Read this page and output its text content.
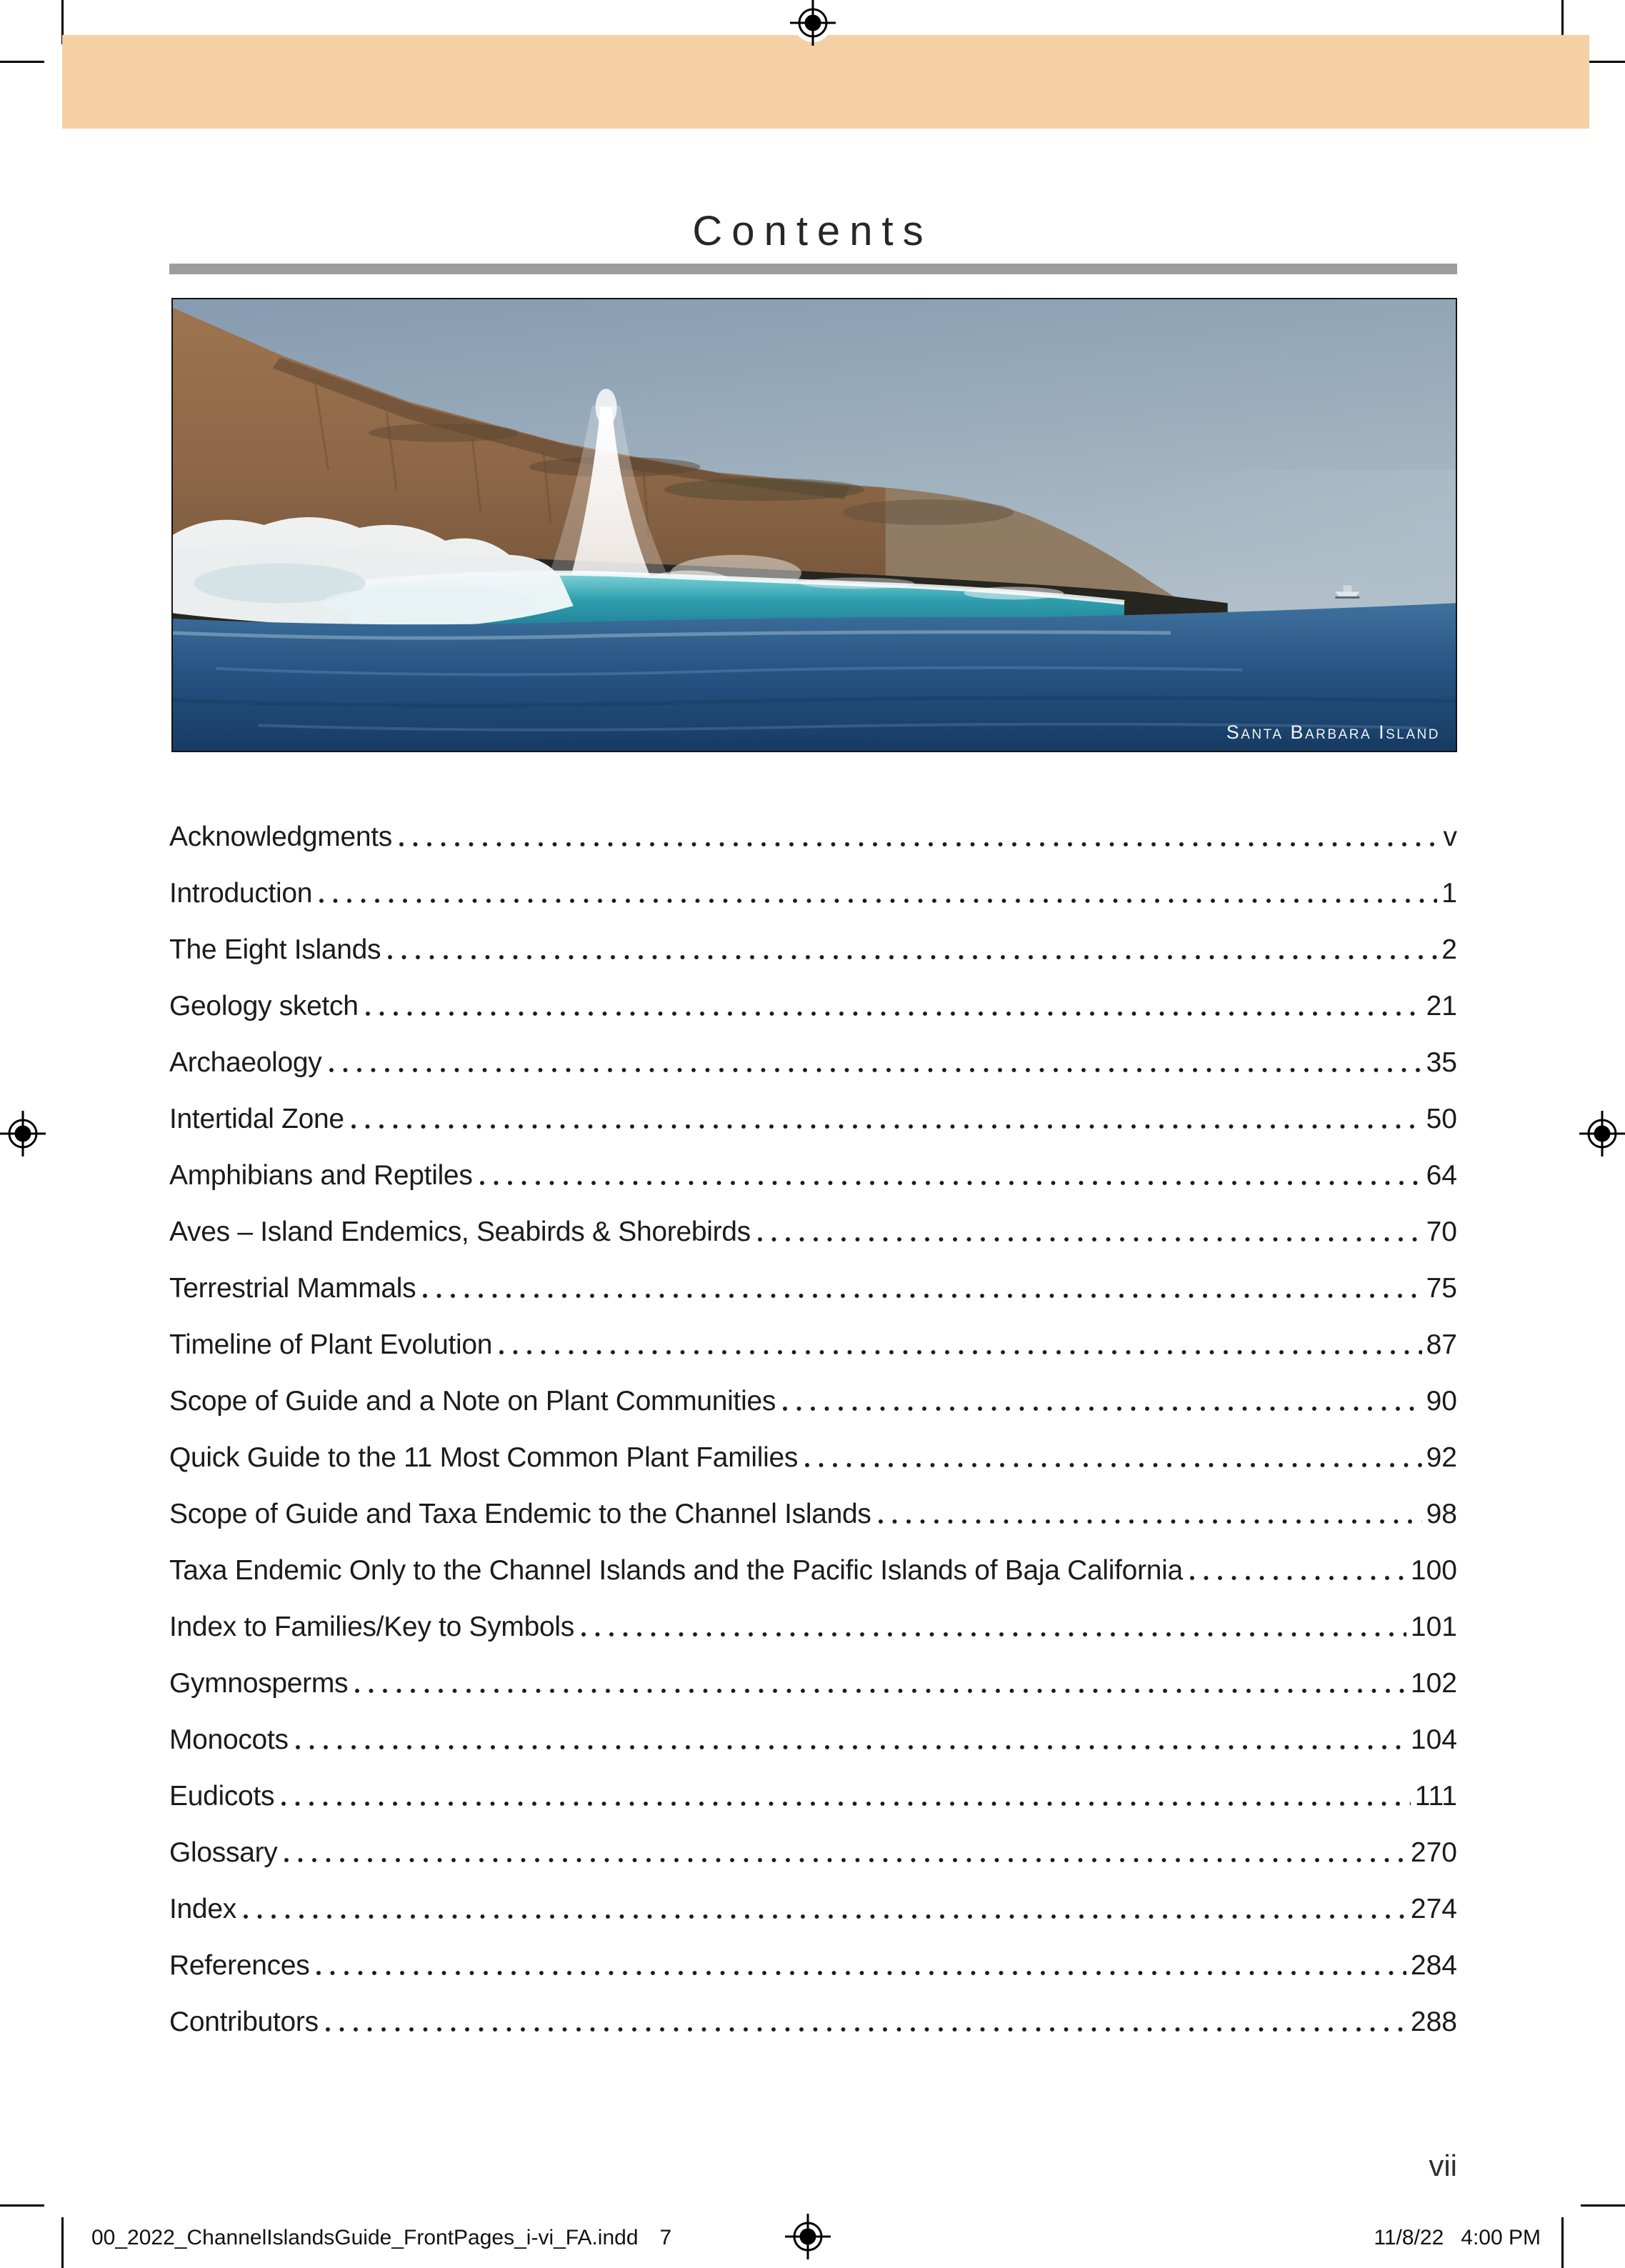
Contents
Santa Barbara Island
Acknowledgments	v
Introduction	1
The Eight Islands	2
Geology sketch	21
Archaeology	35
Intertidal Zone	50
Amphibians and Reptiles	64
Aves – Island Endemics, Seabirds & Shorebirds	70
Terrestrial Mammals	75
Timeline of Plant Evolution	87
Scope of Guide and a Note on Plant Communities	90
Quick Guide to the 11 Most Common Plant Families	92
Scope of Guide and Taxa Endemic to the Channel Islands	98
Taxa Endemic Only to the Channel Islands and the Pacific Islands of Baja California	100
Index to Families/Key to Symbols	101
Gymnosperms	102
Monocots	104
Eudicots	111
Glossary	270
Index	274
References	284
Contributors	288
vii
00_2022_ChannelIslandsGuide_FrontPages_i-vi_FA.indd 7	11/8/22 4:00 PM
